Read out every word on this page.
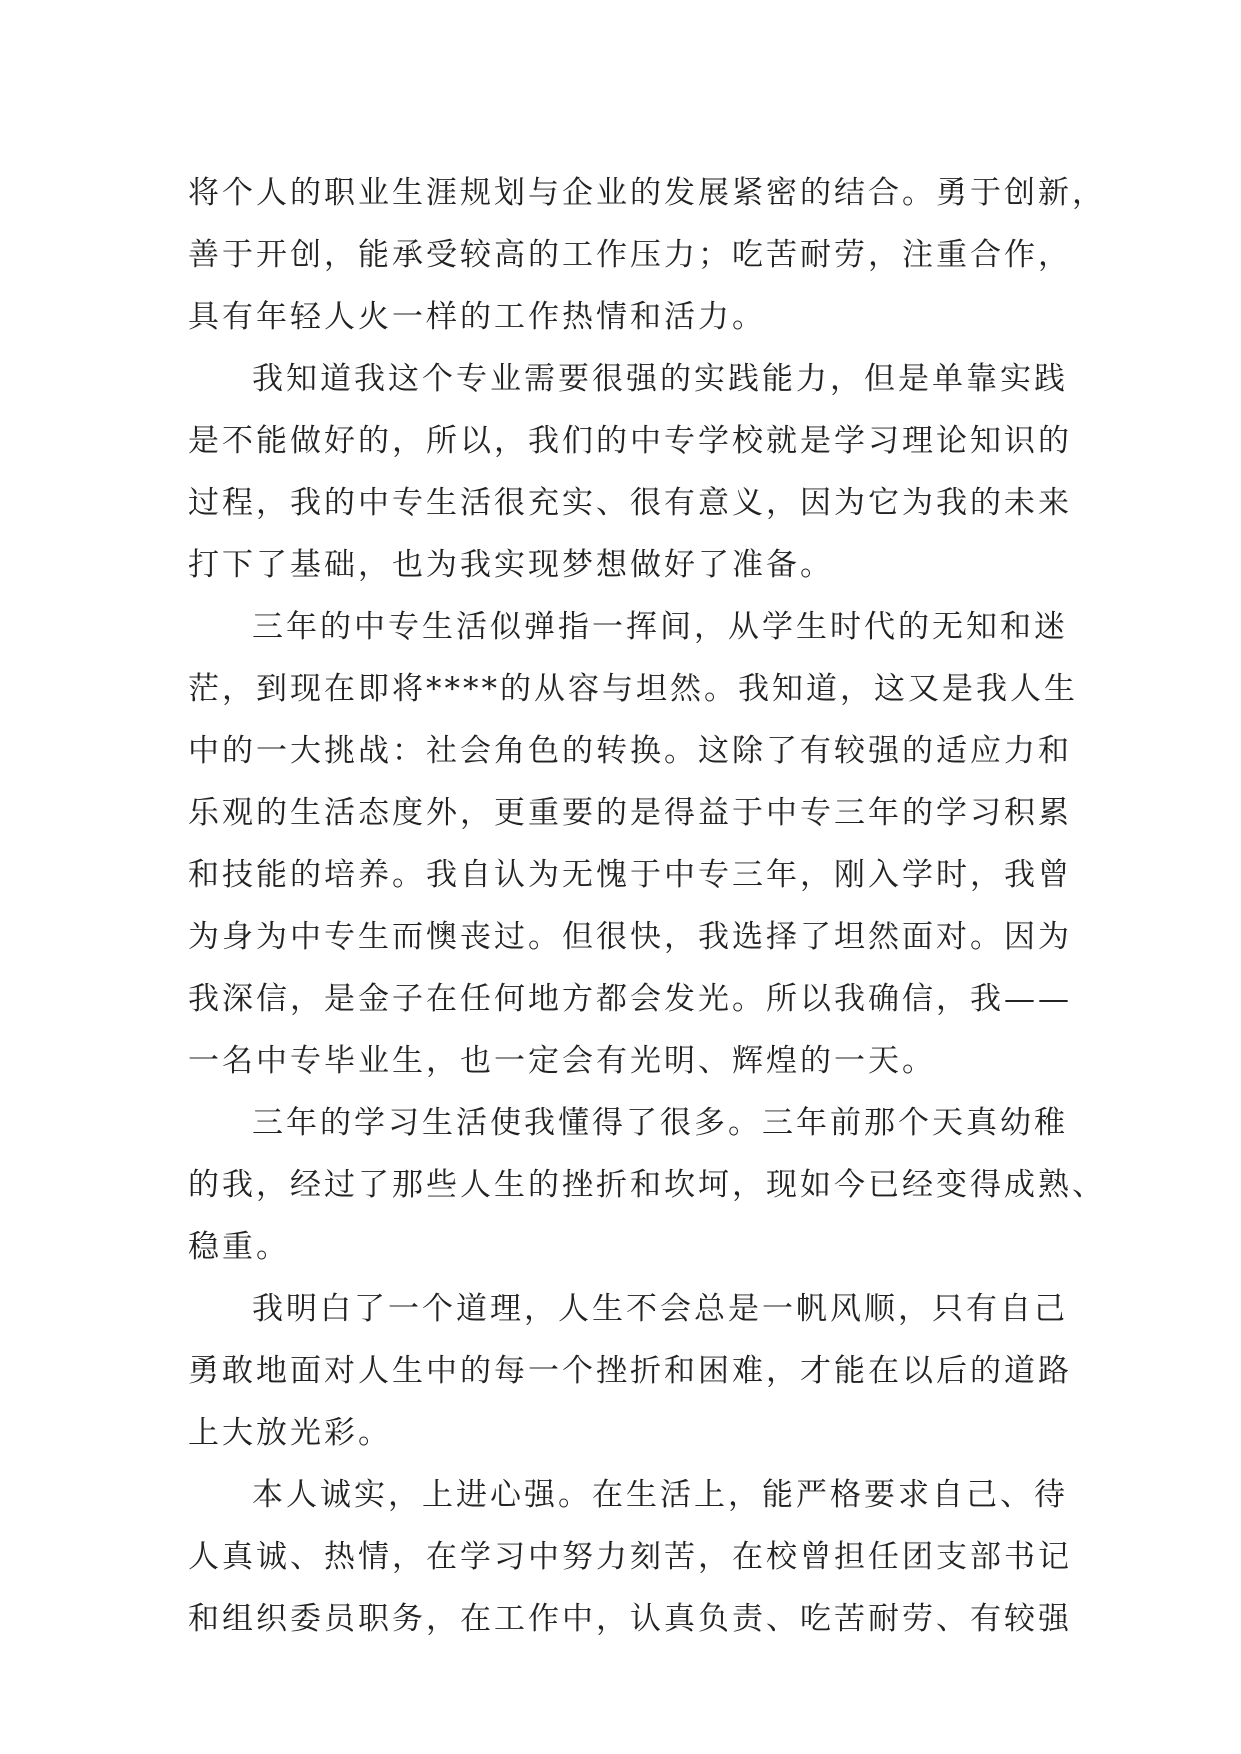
将个人的职业生涯规划与企业的发展紧密的结合。勇于创新，
善于开创，能承受较高的工作压力；吃苦耐劳，注重合作，
具有年轻人火一样的工作热情和活力。
我知道我这个专业需要很强的实践能力，但是单靠实践
是不能做好的，所以，我们的中专学校就是学习理论知识的
过程，我的中专生活很充实、很有意义，因为它为我的未来
打下了基础，也为我实现梦想做好了准备。
三年的中专生活似弹指一挥间，从学生时代的无知和迷
茫，到现在即将****的从容与坦然。我知道，这又是我人生
中的一大挑战：社会角色的转换。这除了有较强的适应力和
乐观的生活态度外，更重要的是得益于中专三年的学习积累
和技能的培养。我自认为无愧于中专三年，刚入学时，我曾
为身为中专生而懊丧过。但很快，我选择了坦然面对。因为
我深信，是金子在任何地方都会发光。所以我确信，我——
一名中专毕业生，也一定会有光明、辉煌的一天。
三年的学习生活使我懂得了很多。三年前那个天真幼稚
的我，经过了那些人生的挫折和坎坷，现如今已经变得成熟、
稳重。
我明白了一个道理，人生不会总是一帆风顺，只有自己
勇敢地面对人生中的每一个挫折和困难，才能在以后的道路
上大放光彩。
本人诚实，上进心强。在生活上，能严格要求自己、待
人真诚、热情，在学习中努力刻苦，在校曾担任团支部书记
和组织委员职务，在工作中，认真负责、吃苦耐劳、有较强
